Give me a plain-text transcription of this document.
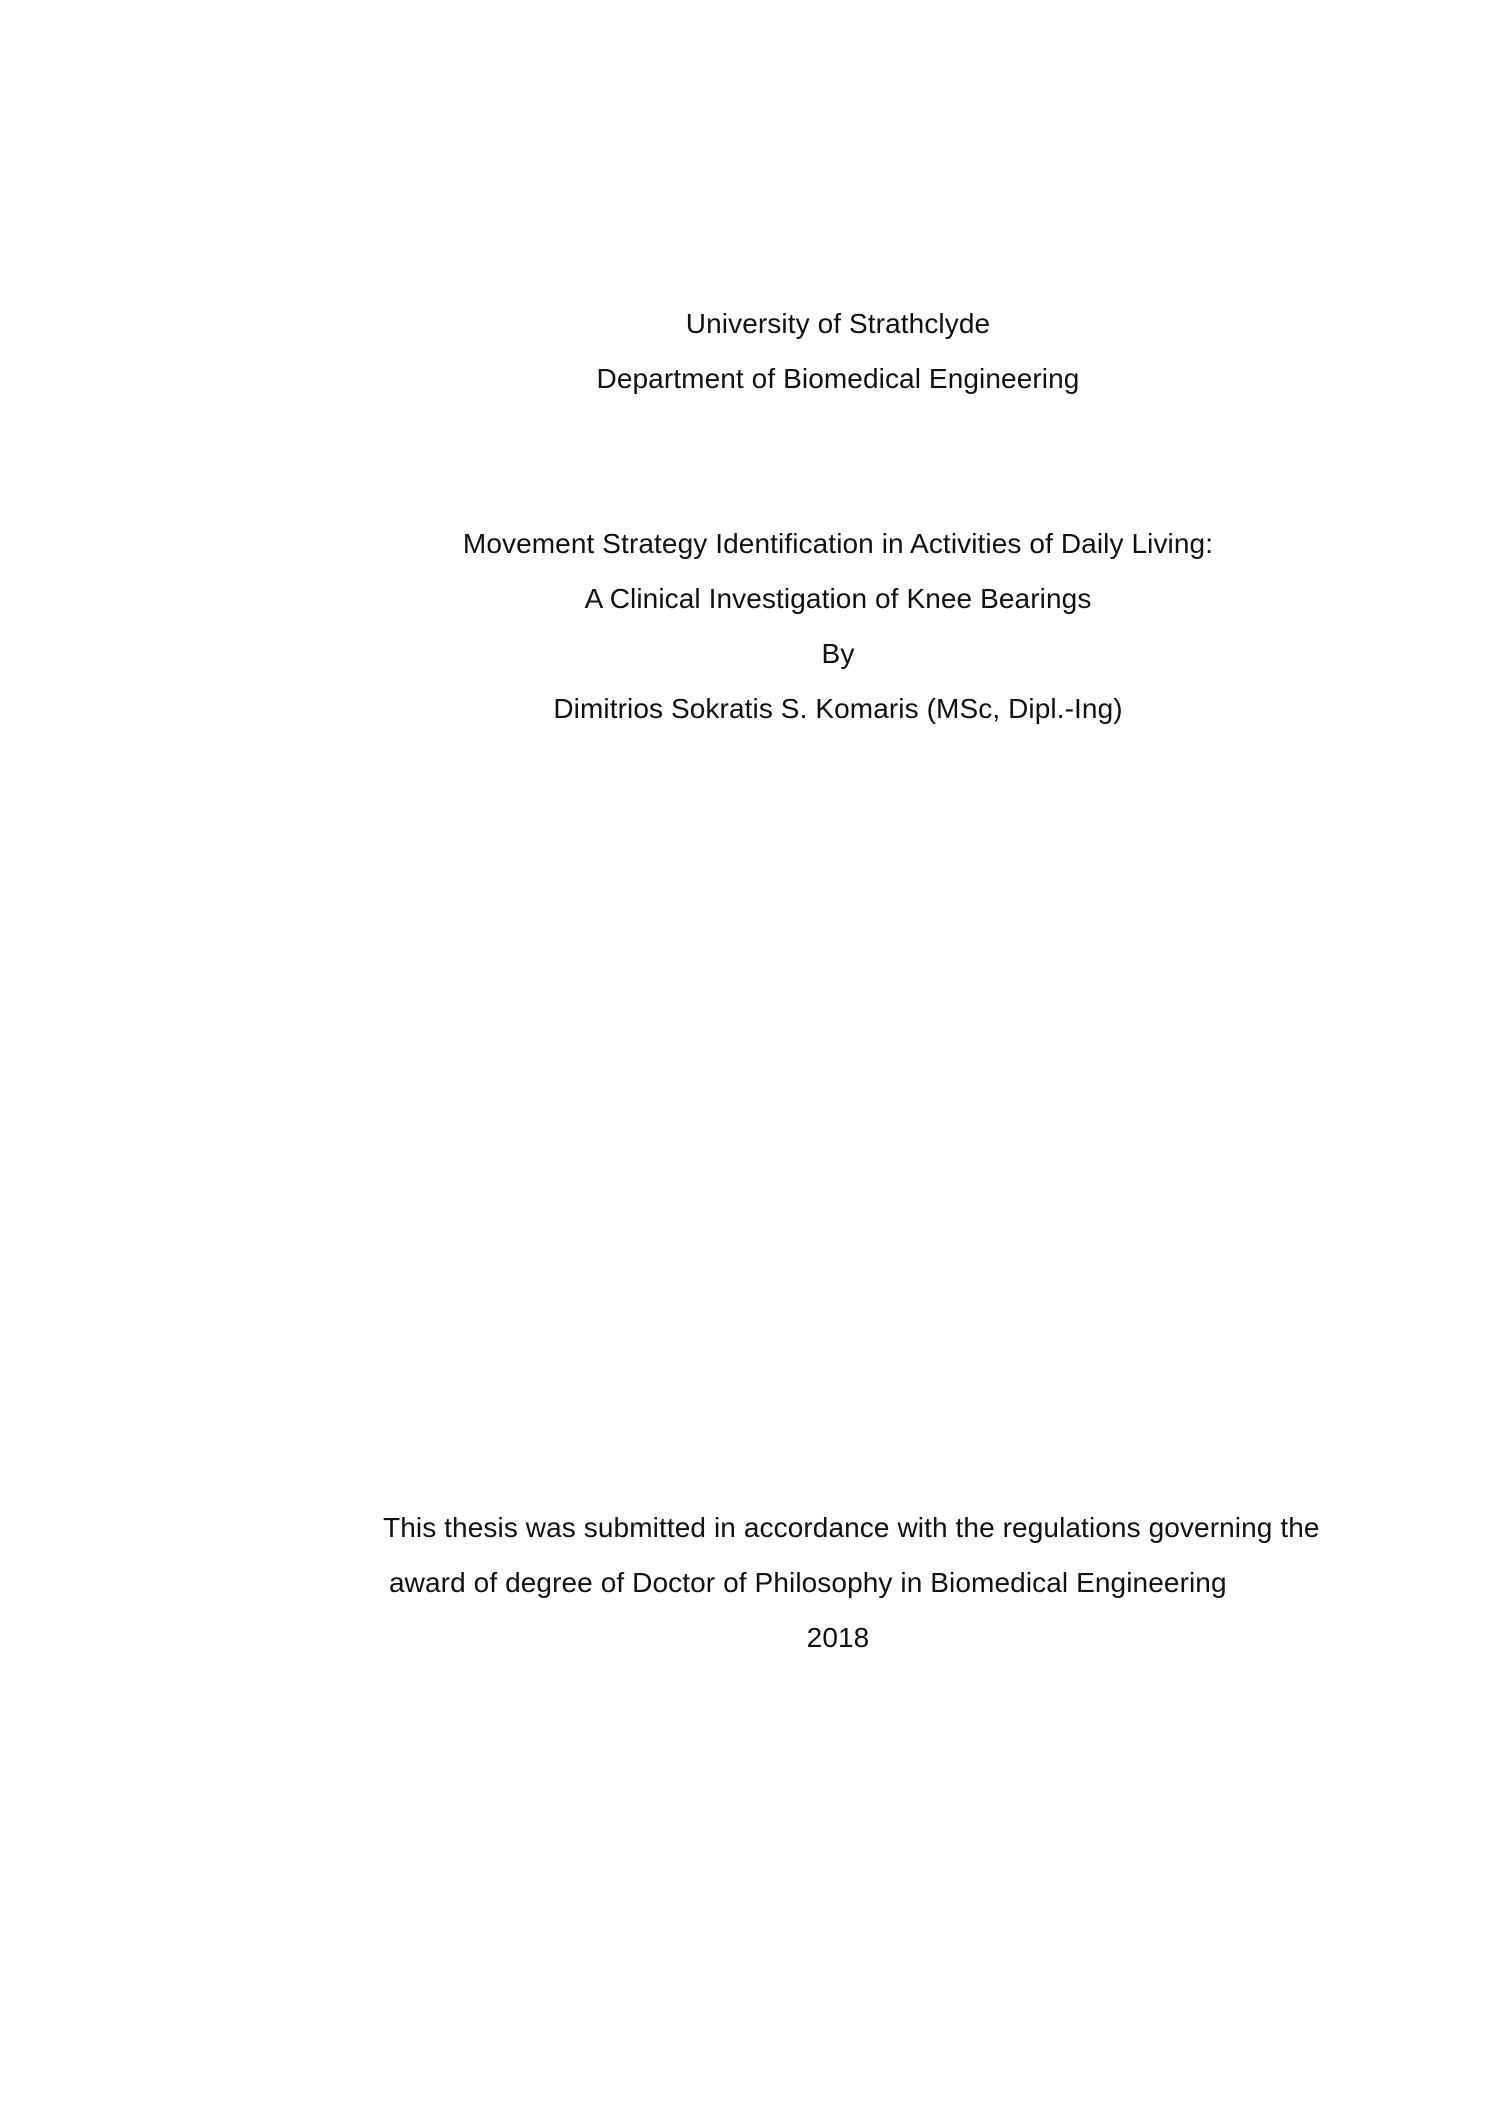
University of Strathclyde
Department of Biomedical Engineering
Movement Strategy Identification in Activities of Daily Living:
A Clinical Investigation of Knee Bearings
By
Dimitrios Sokratis S. Komaris (MSc, Dipl.-Ing)
This thesis was submitted in accordance with the regulations governing the
award of degree of Doctor of Philosophy in Biomedical Engineering
2018
